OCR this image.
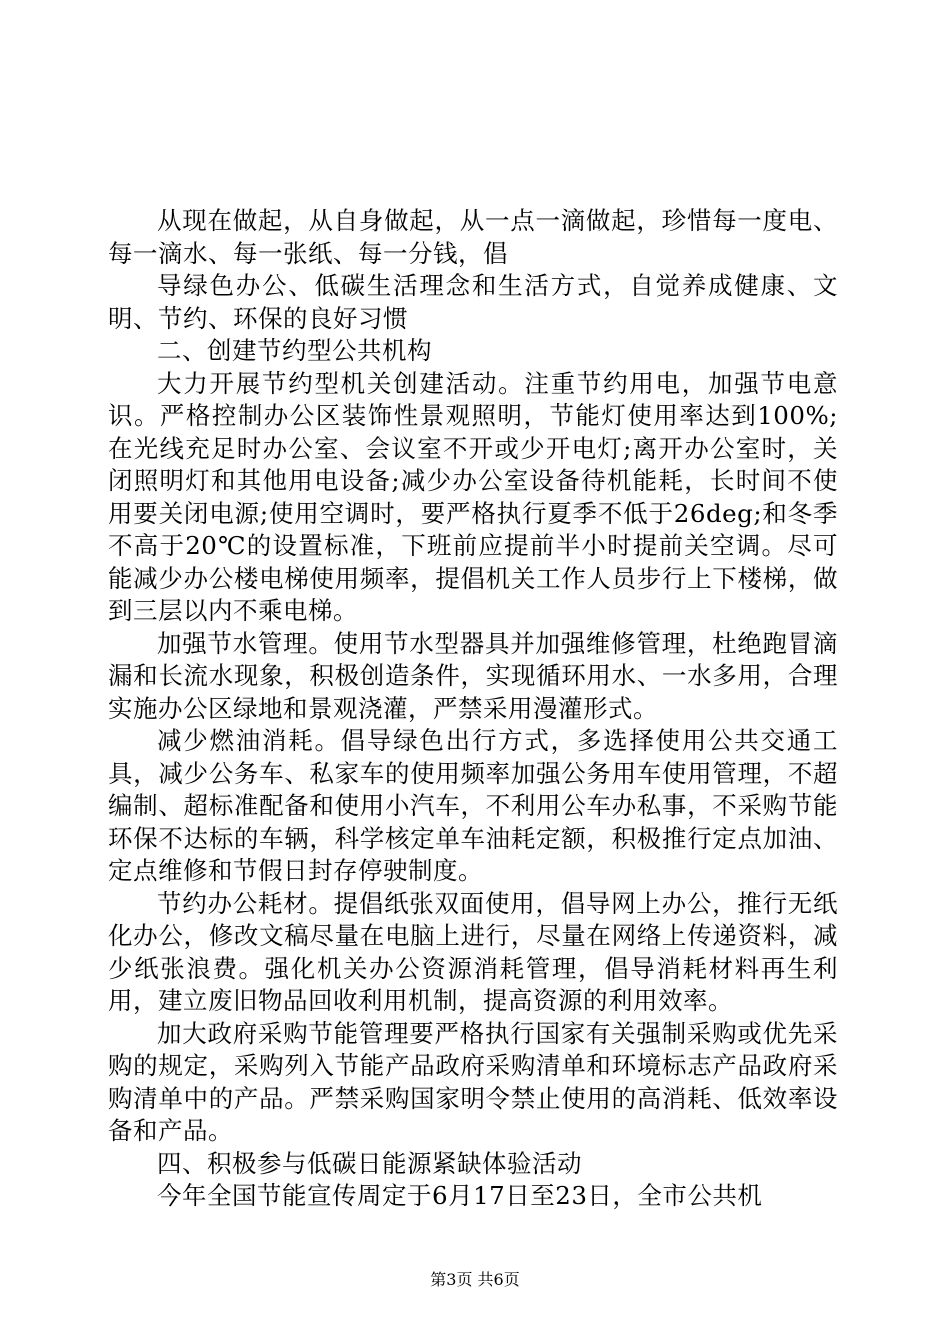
从现在做起，从自身做起，从一点一滴做起，珍惜每一度电、每一滴水、每一张纸、每一分钱，倡

导绿色办公、低碳生活理念和生活方式，自觉养成健康、文明、节约、环保的良好习惯

二、创建节约型公共机构

大力开展节约型机关创建活动。注重节约用电，加强节电意识。严格控制办公区装饰性景观照明，节能灯使用率达到100%;在光线充足时办公室、会议室不开或少开电灯;离开办公室时，关闭照明灯和其他用电设备;减少办公室设备待机能耗，长时间不使用要关闭电源;使用空调时，要严格执行夏季不低于26deg;和冬季不高于20℃的设置标准，下班前应提前半小时提前关空调。尽可能减少办公楼电梯使用频率，提倡机关工作人员步行上下楼梯，做到三层以内不乘电梯。

加强节水管理。使用节水型器具并加强维修管理，杜绝跑冒滴漏和长流水现象，积极创造条件，实现循环用水、一水多用，合理实施办公区绿地和景观浇灌，严禁采用漫灌形式。

减少燃油消耗。倡导绿色出行方式，多选择使用公共交通工具，减少公务车、私家车的使用频率加强公务用车使用管理，不超编制、超标准配备和使用小汽车，不利用公车办私事，不采购节能环保不达标的车辆，科学核定单车油耗定额，积极推行定点加油、定点维修和节假日封存停驶制度。

节约办公耗材。提倡纸张双面使用，倡导网上办公，推行无纸化办公，修改文稿尽量在电脑上进行，尽量在网络上传递资料，减少纸张浪费。强化机关办公资源消耗管理，倡导消耗材料再生利用，建立废旧物品回收利用机制，提高资源的利用效率。

加大政府采购节能管理要严格执行国家有关强制采购或优先采购的规定，采购列入节能产品政府采购清单和环境标志产品政府采购清单中的产品。严禁采购国家明令禁止使用的高消耗、低效率设备和产品。

四、积极参与低碳日能源紧缺体验活动

今年全国节能宣传周定于6月17日至23日，全市公共机

第3页 共6页
